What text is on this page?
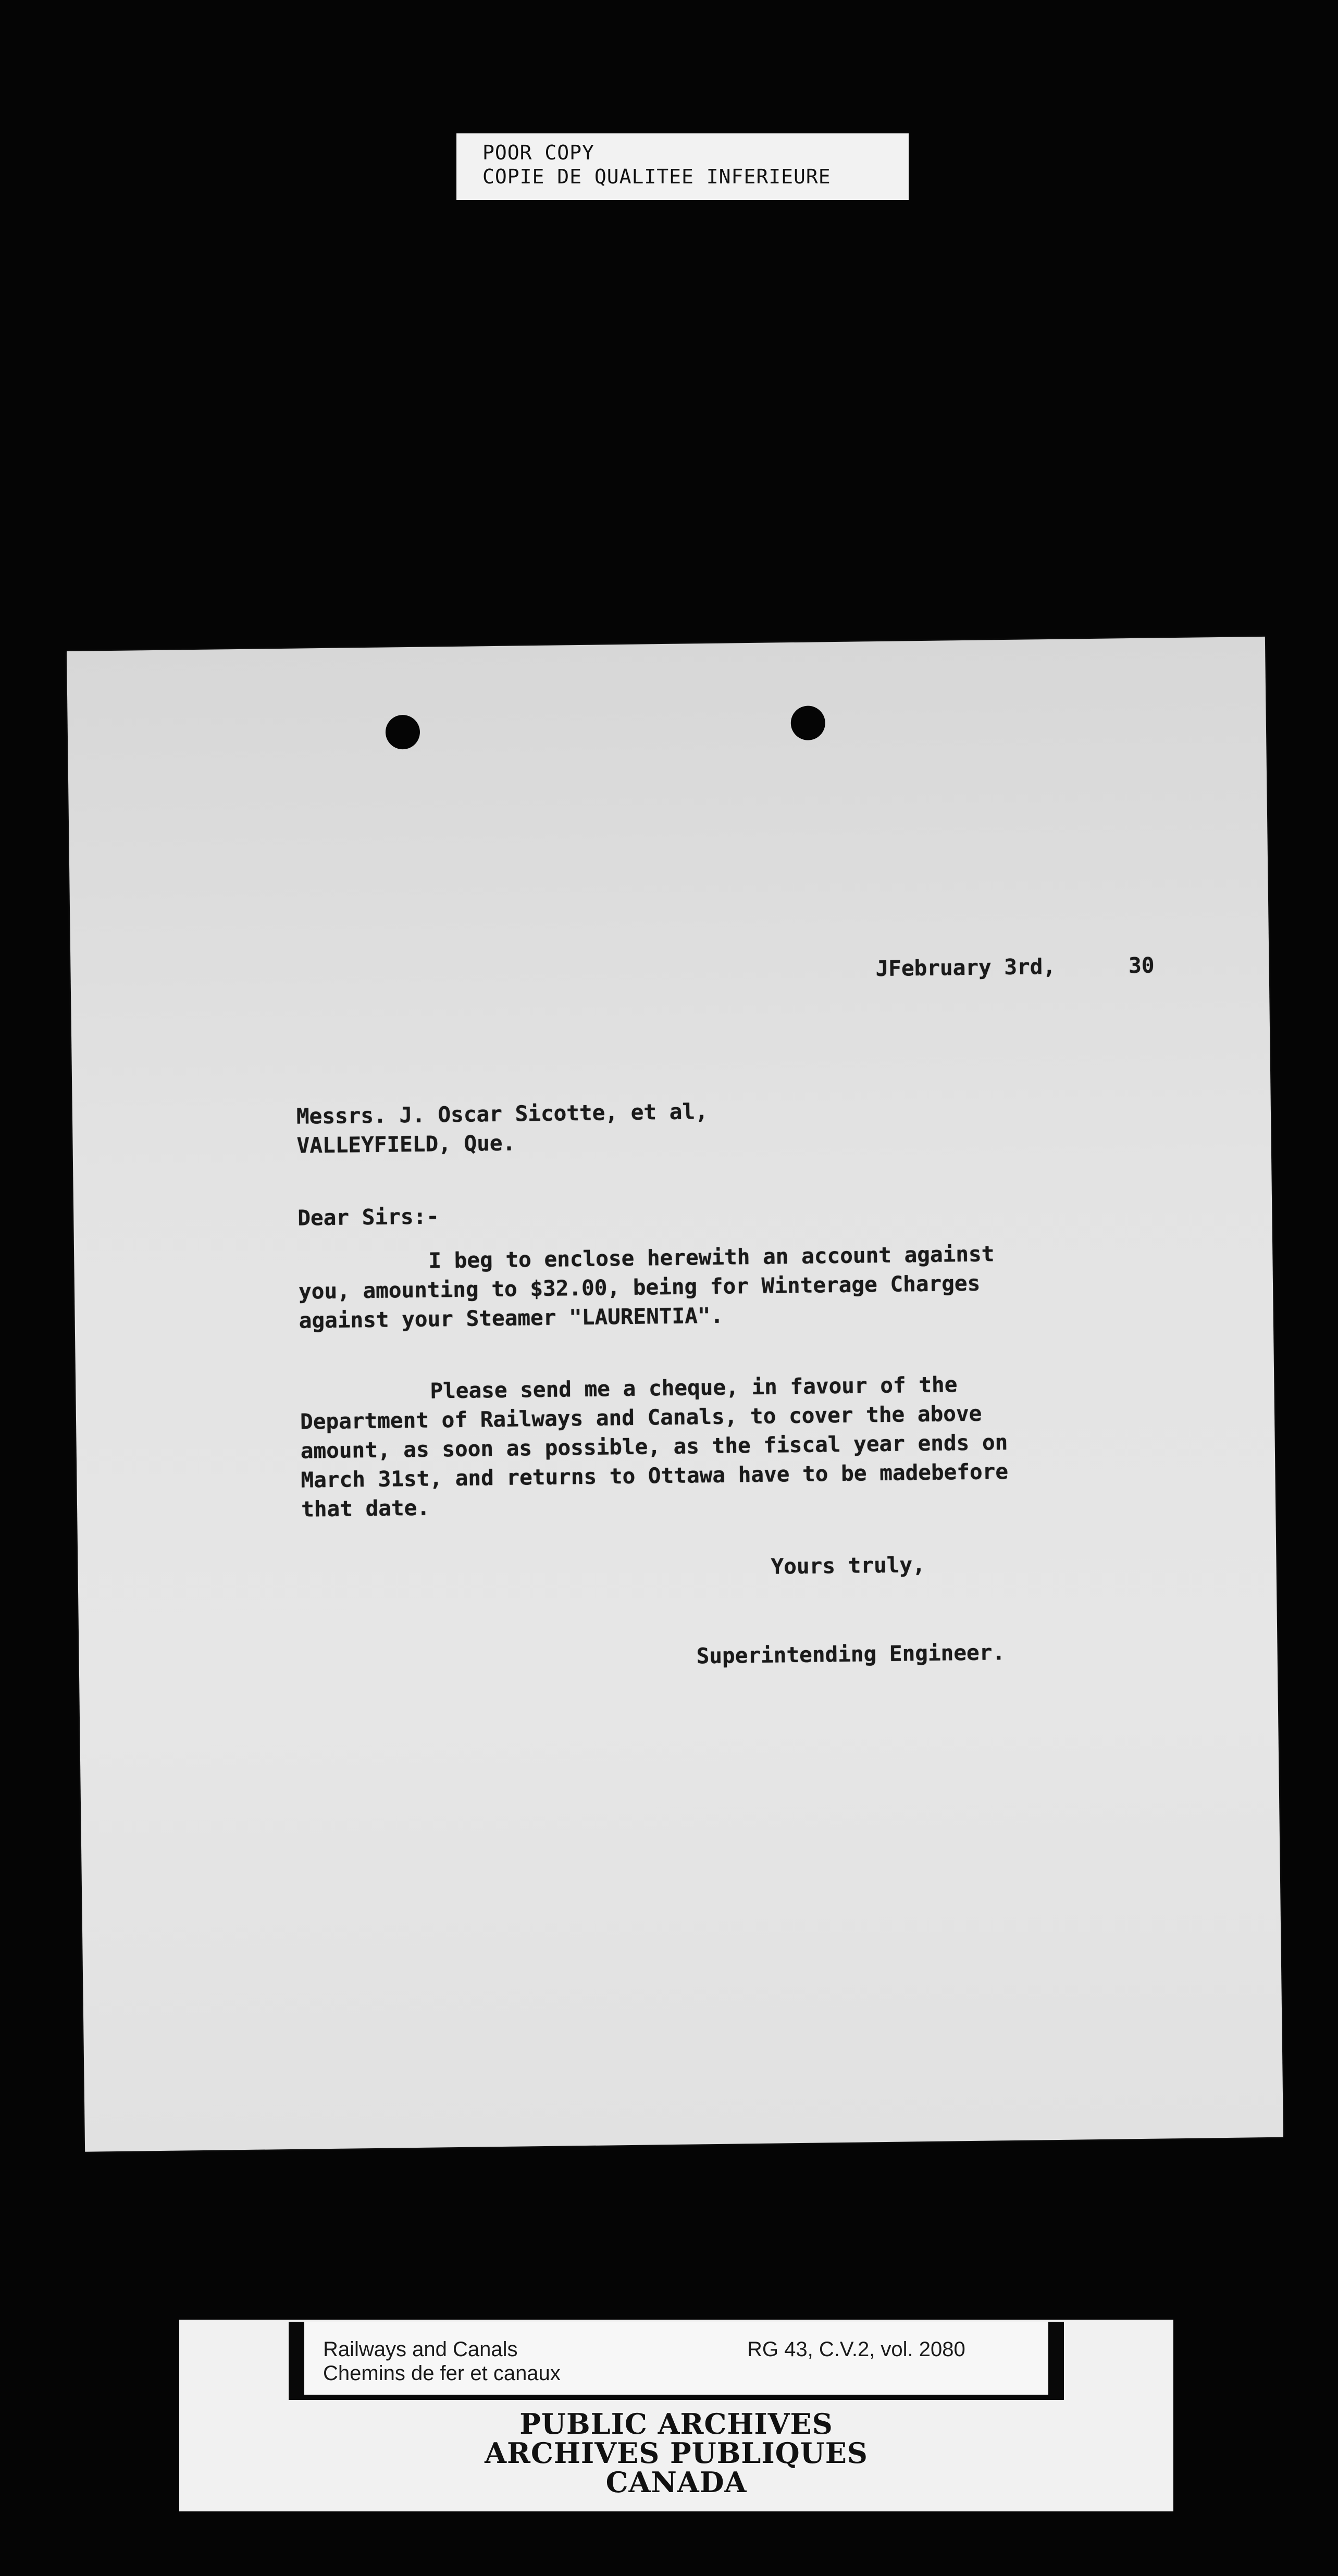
POOR COPY
COPIE DE QUALITEE INFERIEURE
JFebruary 3rd,	30
Messrs. J. Oscar Sicotte, et al,
VALLEYFIELD, Que.
Dear Sirs:-
I beg to enclose herewith an account against
you, amounting to $32.00, being for Winterage Charges
against your Steamer "LAURENTIA".
Please send me a cheque, in favour of the
Department of Railways and Canals, to cover the above
amount, as soon as possible, as the fiscal year ends on
March 31st, and returns to Ottawa have to be madebefore
that date.
Yours truly,
Superintending Engineer.
Railways and Canals
Chemins de fer et canaux
RG 43, C.V.2, vol. 2080
PUBLIC ARCHIVES
ARCHIVES PUBLIQUES
CANADA
